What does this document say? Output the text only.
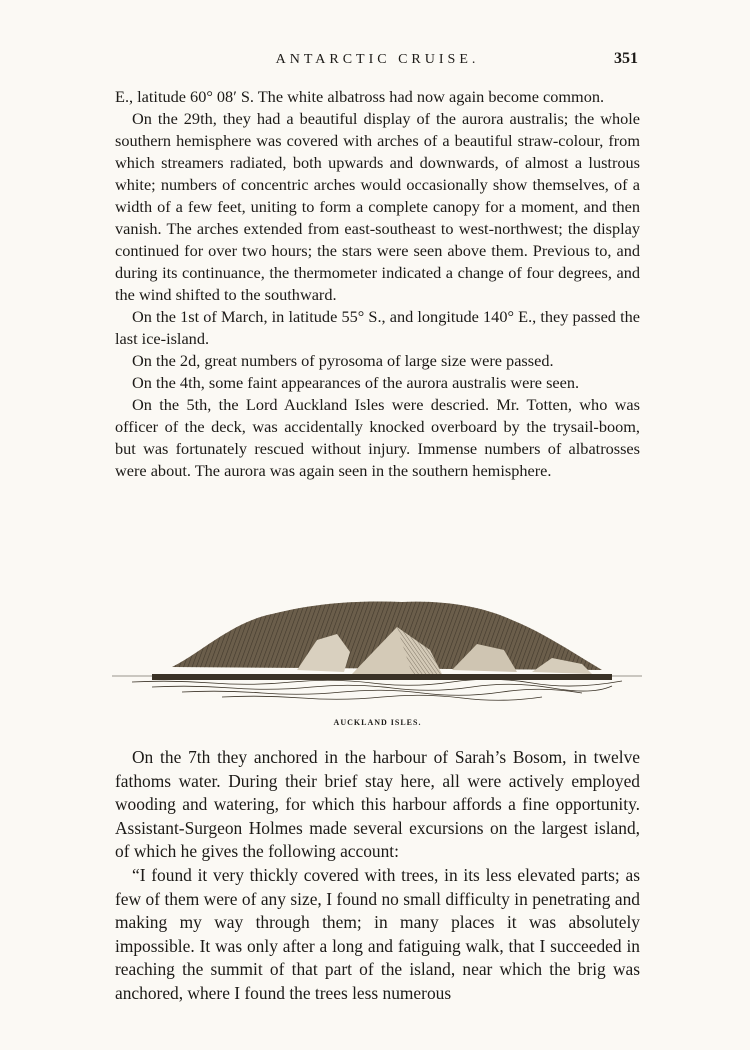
ANTARCTIC CRUISE.	351

E., latitude 60° 08′ S. The white albatross had now again become common.

On the 29th, they had a beautiful display of the aurora australis; the whole southern hemisphere was covered with arches of a beautiful straw-colour, from which streamers radiated, both upwards and downwards, of almost a lustrous white; numbers of concentric arches would occasionally show themselves, of a width of a few feet, uniting to form a complete canopy for a moment, and then vanish. The arches extended from east-southeast to west-northwest; the display continued for over two hours; the stars were seen above them. Previous to, and during its continuance, the thermometer indicated a change of four degrees, and the wind shifted to the southward.

On the 1st of March, in latitude 55° S., and longitude 140° E., they passed the last ice-island.

On the 2d, great numbers of pyrosoma of large size were passed.

On the 4th, some faint appearances of the aurora australis were seen.

On the 5th, the Lord Auckland Isles were descried. Mr. Totten, who was officer of the deck, was accidentally knocked overboard by the trysail-boom, but was fortunately rescued without injury. Immense numbers of albatrosses were about. The aurora was again seen in the southern hemisphere.

AUCKLAND ISLES.

On the 7th they anchored in the harbour of Sarah’s Bosom, in twelve fathoms water. During their brief stay here, all were actively employed wooding and watering, for which this harbour affords a fine opportunity. Assistant-Surgeon Holmes made several excursions on the largest island, of which he gives the following account:

“I found it very thickly covered with trees, in its less elevated parts; as few of them were of any size, I found no small difficulty in penetrating and making my way through them; in many places it was absolutely impossible. It was only after a long and fatiguing walk, that I succeeded in reaching the summit of that part of the island, near which the brig was anchored, where I found the trees less numerous
